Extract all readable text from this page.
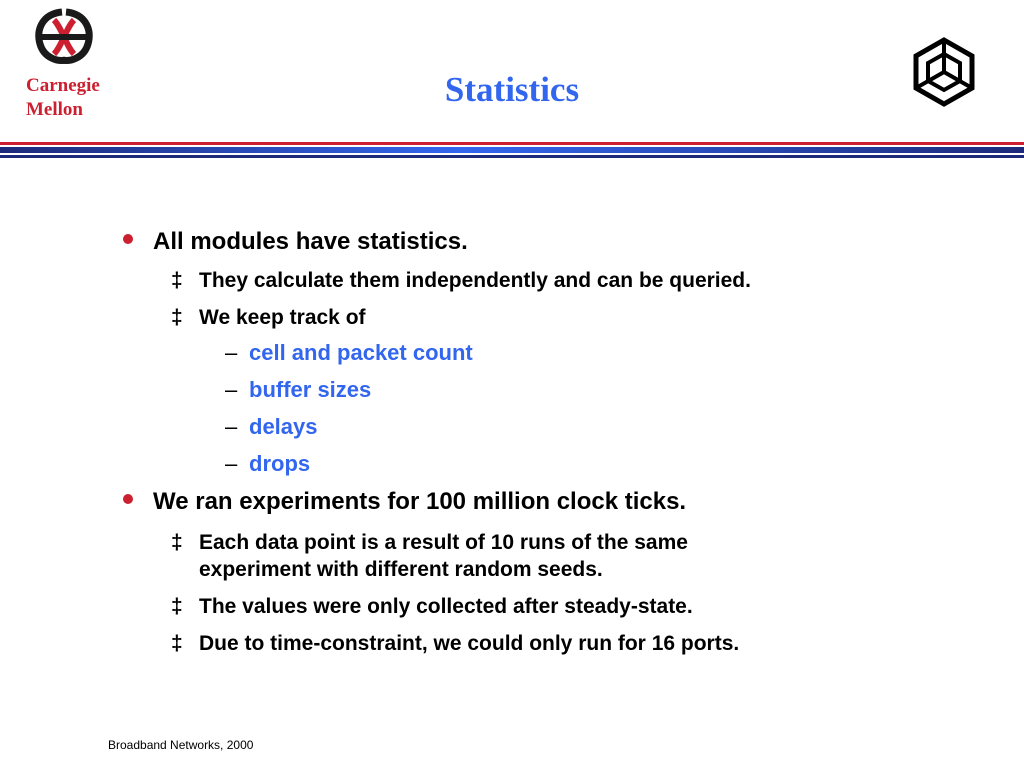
Carnegie
Mellon
Statistics
All modules have statistics.
‡ They calculate them independently and can be queried.
‡ We keep track of
– cell and packet count
– buffer sizes
– delays
– drops
We ran experiments for 100 million clock ticks.
‡ Each data point is a result of 10 runs of the same
experiment with different random seeds.
‡ The values were only collected after steady-state.
‡ Due to time-constraint, we could only run for 16 ports.
Broadband Networks, 2000
